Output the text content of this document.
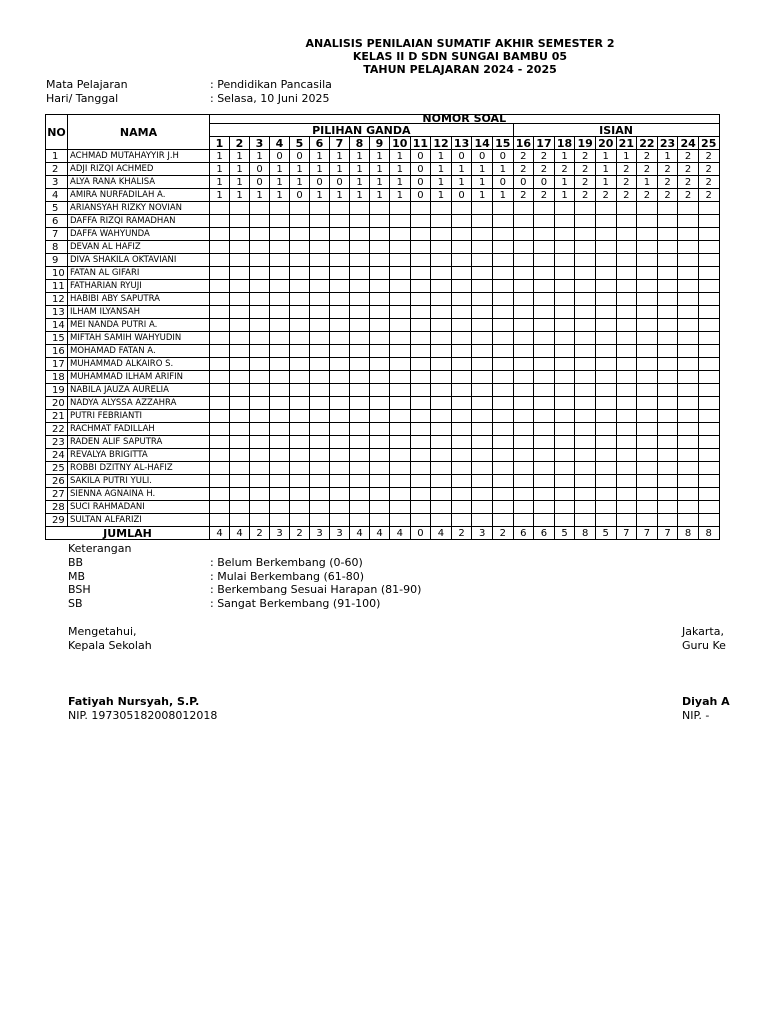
ANALISIS PENILAIAN SUMATIF AKHIR SEMESTER 2
KELAS II D SDN SUNGAI BAMBU 05
TAHUN PELAJARAN 2024 - 2025
Mata Pelajaran	: Pendidikan Pancasila
Hari/ Tanggal	: Selasa, 10 Juni 2025
NO	NAMA	NOMOR SOAL																								
		PILIHAN GANDA															ISIAN									
		1	2	3	4	5	6	7	8	9	10	11	12	13	14	15	16	17	18	19	20	21	22	23	24	25
1	ACHMAD MUTAHAYYIR J.H	1	1	1	0	0	1	1	1	1	1	0	1	0	0	0	2	2	1	2	1	1	2	1	2	2
2	ADJI RIZQI ACHMED	1	1	0	1	1	1	1	1	1	1	0	1	1	1	1	2	2	2	2	1	2	2	2	2	2
3	ALYA RANA KHALISA	1	1	0	1	1	0	0	1	1	1	0	1	1	1	0	0	0	1	2	1	2	1	2	2	2
4	AMIRA NURFADILAH A.	1	1	1	1	0	1	1	1	1	1	0	1	0	1	1	2	2	1	2	2	2	2	2	2	2
5	ARIANSYAH RIZKY NOVIAN																									
6	DAFFA RIZQI RAMADHAN																									
7	DAFFA WAHYUNDA																									
8	DEVAN AL HAFIZ																									
9	DIVA SHAKILA OKTAVIANI																									
10	FATAN AL GIFARI																									
11	FATHARIAN RYUJI																									
12	HABIBI ABY SAPUTRA																									
13	ILHAM ILYANSAH																									
14	MEI NANDA PUTRI A.																									
15	MIFTAH SAMIH WAHYUDIN																									
16	MOHAMAD FATAN A.																									
17	MUHAMMAD ALKAIRO S.																									
18	MUHAMMAD ILHAM ARIFIN																									
19	NABILA JAUZA AURELIA																									
20	NADYA ALYSSA AZZAHRA																									
21	PUTRI FEBRIANTI																									
22	RACHMAT FADILLAH																									
23	RADEN ALIF SAPUTRA																									
24	REVALYA BRIGITTA																									
25	ROBBI DZITNY AL-HAFIZ																									
26	SAKILA PUTRI YULI.																									
27	SIENNA AGNAINA H.																									
28	SUCI RAHMADANI																									
29	SULTAN ALFARIZI																									
JUMLAH		4	4	2	3	2	3	3	4	4	4	0	4	2	3	2	6	6	5	8	5	7	7	7	8	8
Keterangan
BB	: Belum Berkembang (0-60)
MB	: Mulai Berkembang (61-80)
BSH	: Berkembang Sesuai Harapan (81-90)
SB	: Sangat Berkembang (91-100)
Mengetahui,
Kepala Sekolah
Fatiyah Nursyah, S.P.
NIP. 197305182008012018
Jakarta,
Guru Ke
Diyah A
NIP. -
